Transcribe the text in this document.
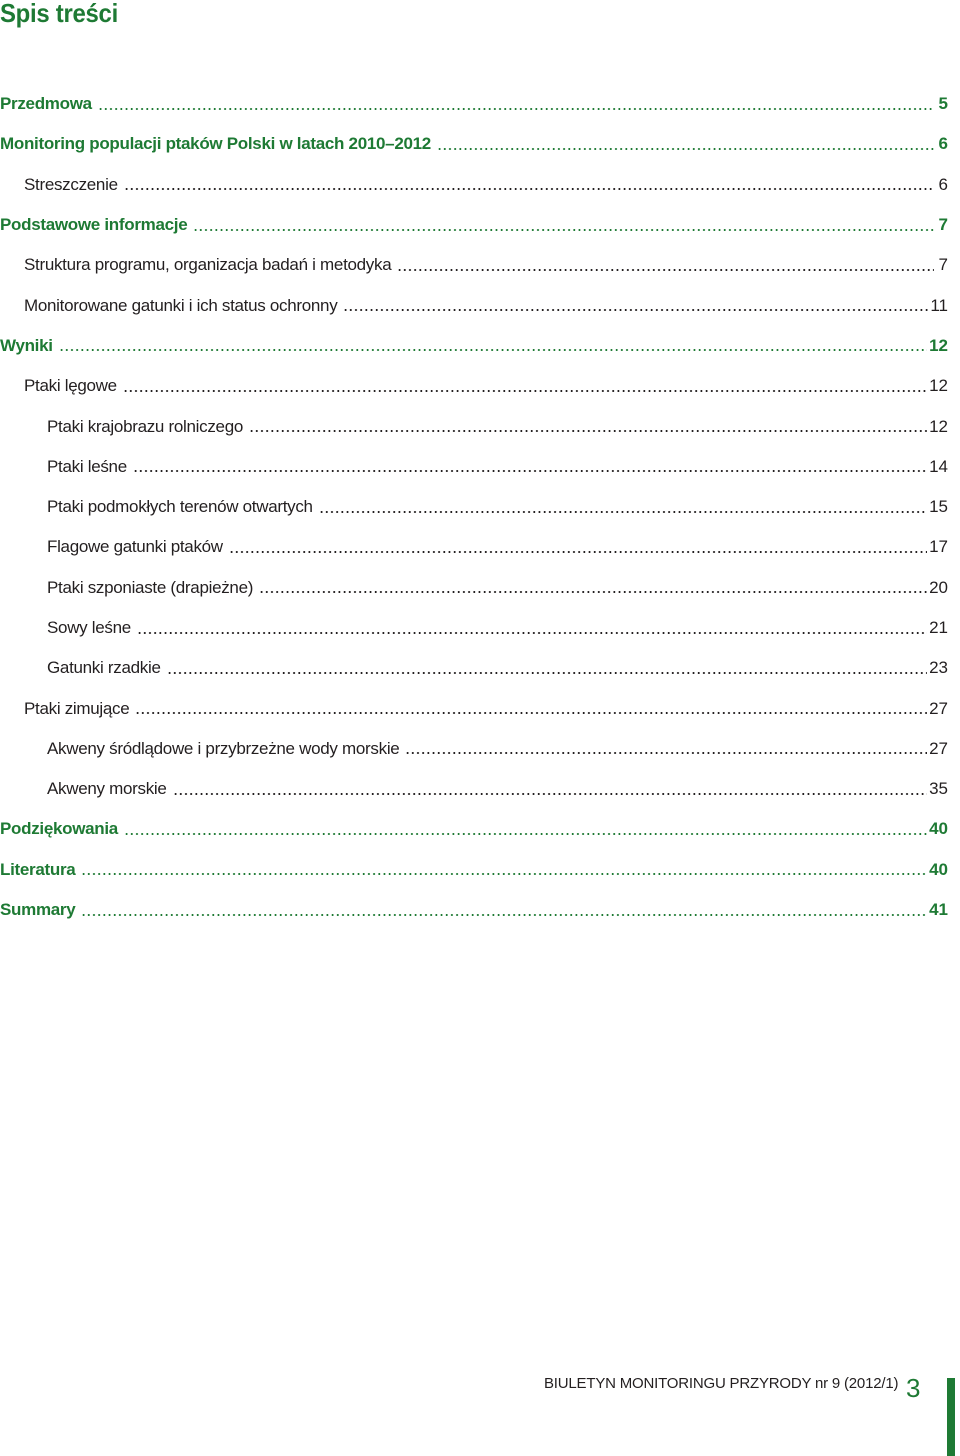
Spis treści
Przedmowa	5
Monitoring populacji ptaków Polski w latach 2010–2012	6
Streszczenie	6
Podstawowe informacje	7
Struktura programu, organizacja badań i metodyka	7
Monitorowane gatunki i ich status ochronny	11
Wyniki	12
Ptaki lęgowe	12
Ptaki krajobrazu rolniczego	12
Ptaki leśne	14
Ptaki podmokłych terenów otwartych	15
Flagowe gatunki ptaków	17
Ptaki szponiaste (drapieżne)	20
Sowy leśne	21
Gatunki rzadkie	23
Ptaki zimujące	27
Akweny śródlądowe i przybrzeżne wody morskie	27
Akweny morskie	35
Podziękowania	40
Literatura	40
Summary	41
BIULETYN MONITORINGU PRZYRODY nr 9 (2012/1) 3
